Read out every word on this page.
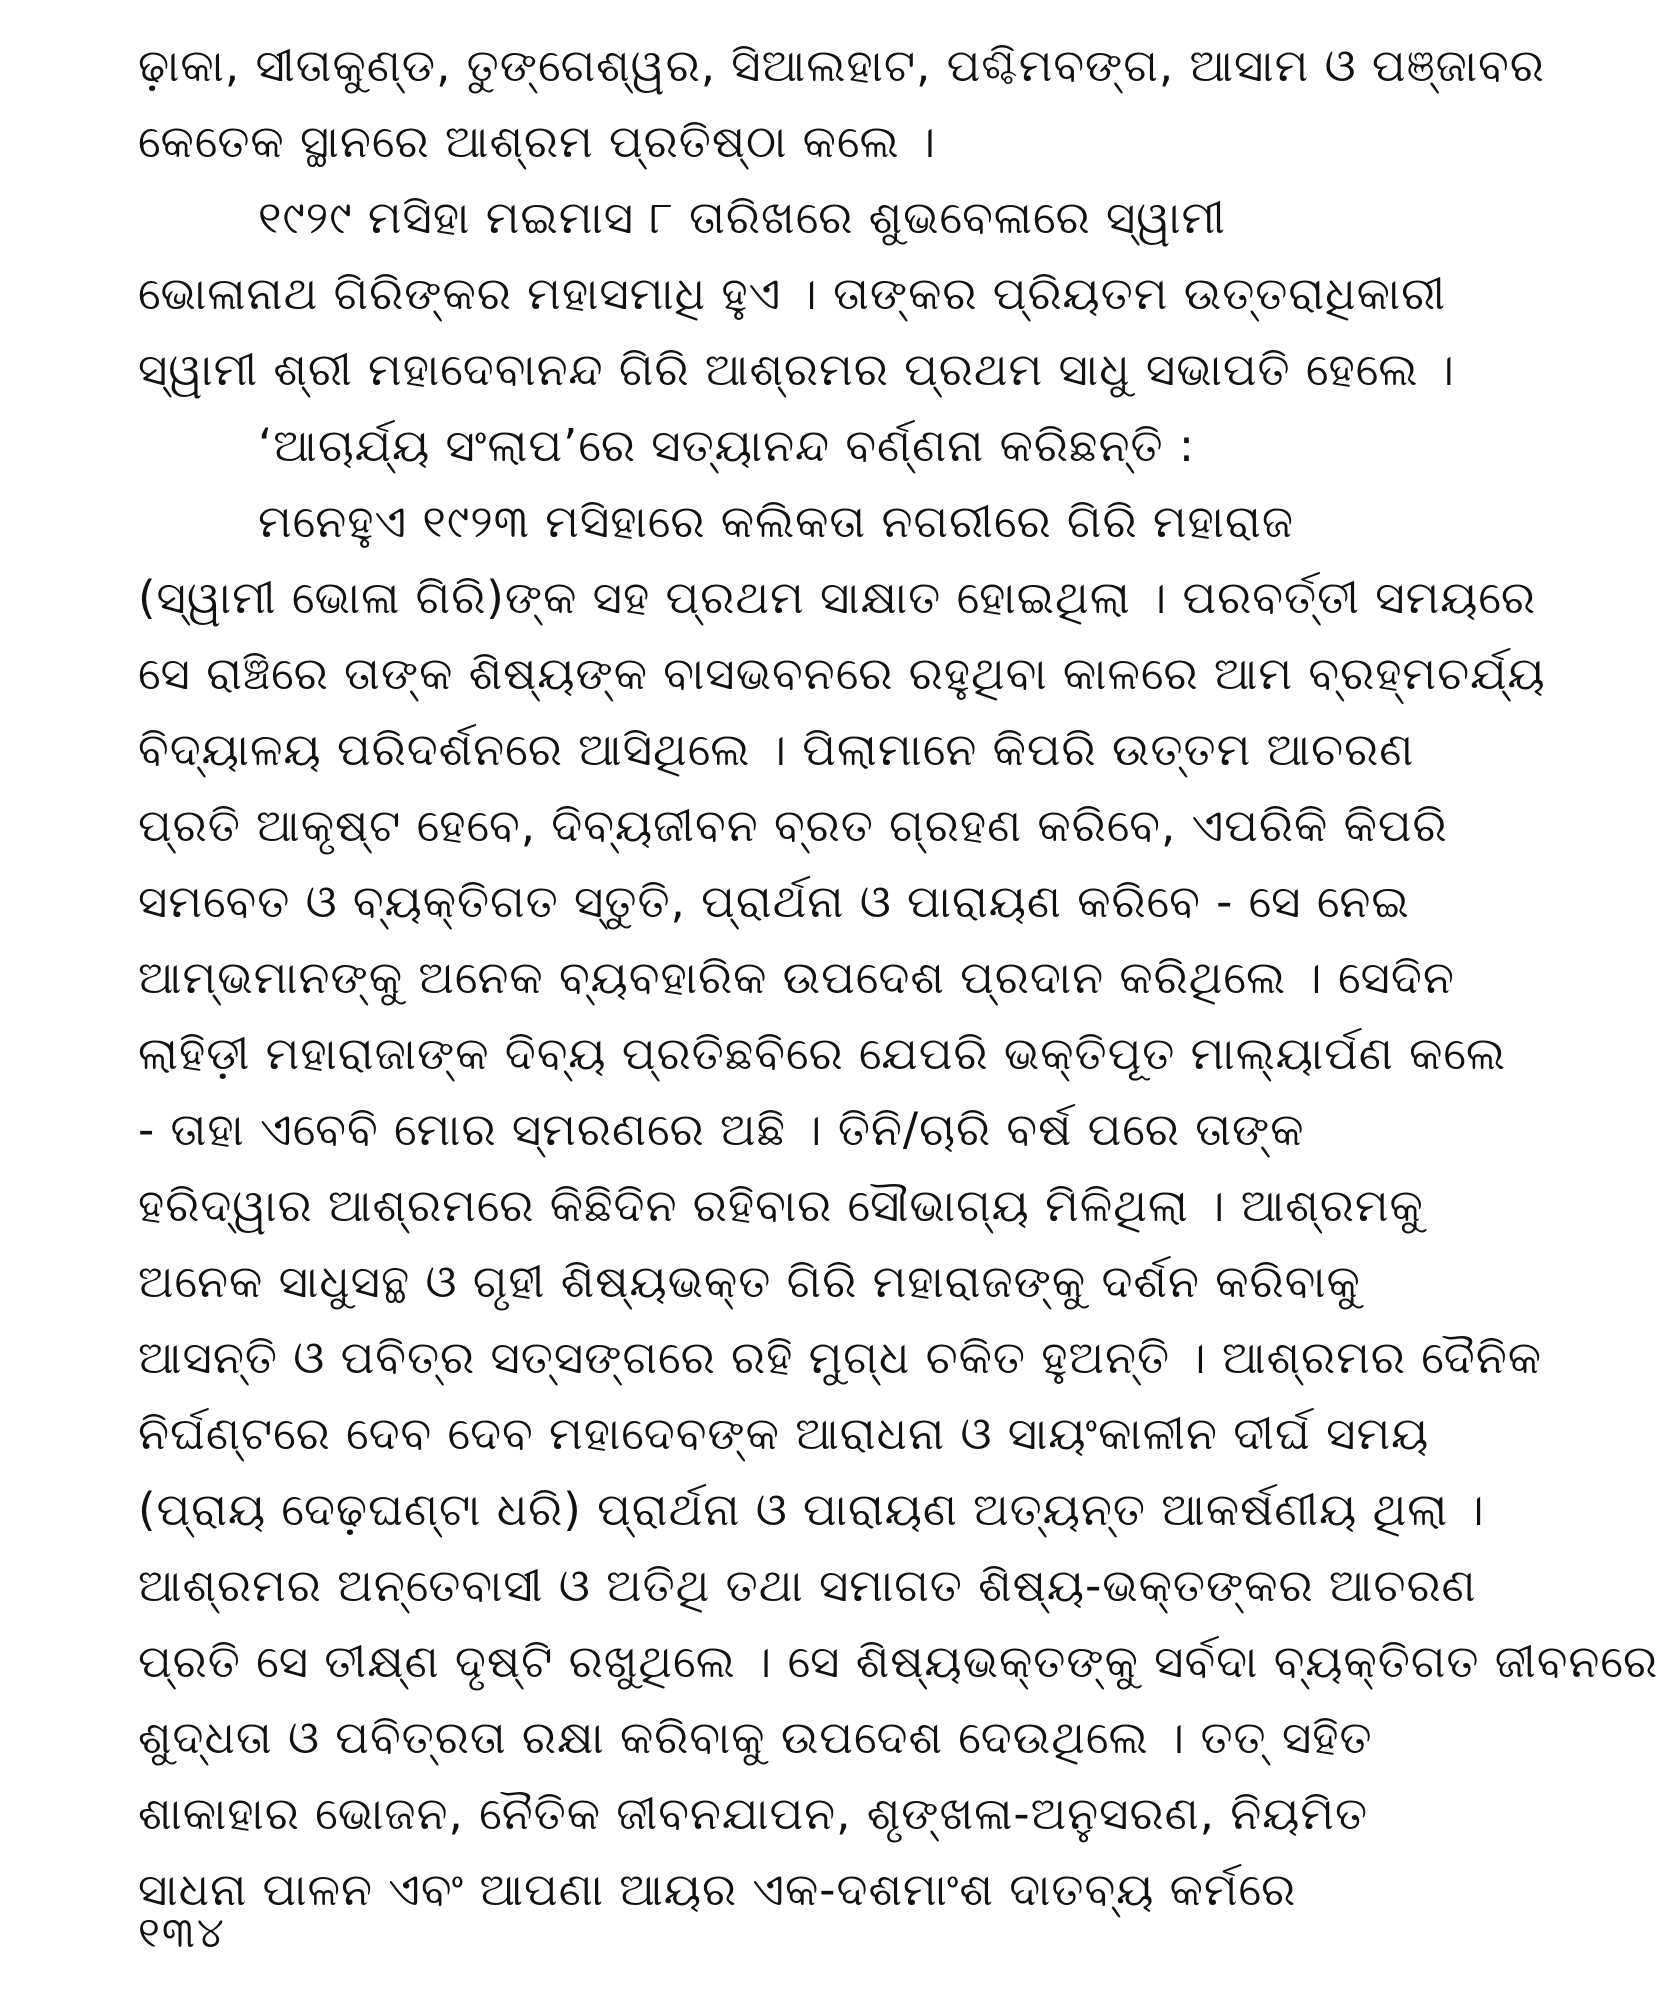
ଢ଼ାକା, ସୀତାକୁଣ୍ଡ, ତୁଙ୍ଗେଶ୍ୱର, ସିଆଲହାଟ, ପଶ୍ଚିମବଙ୍ଗ, ଆସାମ ଓ ପଞ୍ଜାବର
କେତେକ ସ୍ଥାନରେ ଆଶ୍ରମ ପ୍ରତିଷ୍ଠା କଲେ ।
୧୯୨୯ ମସିହା ମଇମାସ ୮ ତାରିଖରେ ଶୁଭବେଳାରେ ସ୍ୱାମୀ
ଭୋଳାନାଥ ଗିରିଙ୍କର ମହାସମାଧି ହୁଏ । ତାଙ୍କର ପ୍ରିୟତମ ଉତ୍ତରାଧିକାରୀ
ସ୍ୱାମୀ ଶ୍ରୀ ମହାଦେବାନନ୍ଦ ଗିରି ଆଶ୍ରମର ପ୍ରଥମ ସାଧୁ ସଭାପତି ହେଲେ ।
‘ଆଚାର୍ଯ୍ୟ ସଂଲାପ’ରେ ସତ୍ୟାନନ୍ଦ ବର୍ଣ୍ଣନା କରିଛନ୍ତି :
ମନେହୁଏ ୧୯୨୩ ମସିହାରେ କଲିକତା ନଗରୀରେ ଗିରି ମହାରାଜ
(ସ୍ୱାମୀ ଭୋଳା ଗିରି)ଙ୍କ ସହ ପ୍ରଥମ ସାକ୍ଷାତ ହୋଇଥିଲା । ପରବର୍ତ୍ତୀ ସମୟରେ
ସେ ରାଞ୍ଚିରେ ତାଙ୍କ ଶିଷ୍ୟଙ୍କ ବାସଭବନରେ ରହୁଥିବା କାଳରେ ଆମ ବ୍ରହ୍ମଚର୍ଯ୍ୟ
ବିଦ୍ୟାଳୟ ପରିଦର୍ଶନରେ ଆସିଥିଲେ । ପିଲାମାନେ କିପରି ଉତ୍ତମ ଆଚରଣ
ପ୍ରତି ଆକୃଷ୍ଟ ହେବେ, ଦିବ୍ୟଜୀବନ ବ୍ରତ ଗ୍ରହଣ କରିବେ, ଏପରିକି କିପରି
ସମବେତ ଓ ବ୍ୟକ୍ତିଗତ ସ୍ତୁତି, ପ୍ରାର୍ଥନା ଓ ପାରାୟଣ କରିବେ - ସେ ନେଇ
ଆମ୍ଭମାନଙ୍କୁ ଅନେକ ବ୍ୟବହାରିକ ଉପଦେଶ ପ୍ରଦାନ କରିଥିଲେ । ସେଦିନ
ଲାହିଡ଼ୀ ମହାରାଜାଙ୍କ ଦିବ୍ୟ ପ୍ରତିଛବିରେ ଯେପରି ଭକ୍ତିପୂତ ମାଲ୍ୟାର୍ପଣ କଲେ
- ତାହା ଏବେବି ମୋର ସ୍ମରଣରେ ଅଛି । ତିନି/ଚାରି ବର୍ଷ ପରେ ତାଙ୍କ
ହରିଦ୍ୱାର ଆଶ୍ରମରେ କିଛିଦିନ ରହିବାର ସୌଭାଗ୍ୟ ମିଳିଥିଲା । ଆଶ୍ରମକୁ
ଅନେକ ସାଧୁସନ୍ଥ ଓ ଗୃହୀ ଶିଷ୍ୟଭକ୍ତ ଗିରି ମହାରାଜଙ୍କୁ ଦର୍ଶନ କରିବାକୁ
ଆସନ୍ତି ଓ ପବିତ୍ର ସତ୍‌ସଙ୍ଗରେ ରହି ମୁଗ୍ଧ ଚକିତ ହୁଅନ୍ତି । ଆଶ୍ରମର ଦୈନିକ
ନିର୍ଘଣ୍ଟରେ ଦେବ ଦେବ ମହାଦେବଙ୍କ ଆରାଧନା ଓ ସାୟଂକାଳୀନ ଦୀର୍ଘ ସମୟ
(ପ୍ରାୟ ଦେଢ଼ଘଣ୍ଟା ଧରି) ପ୍ରାର୍ଥନା ଓ ପାରାୟଣ ଅତ୍ୟନ୍ତ ଆକର୍ଷଣୀୟ ଥିଲା ।
ଆଶ୍ରମର ଅନ୍ତେବାସୀ ଓ ଅତିଥି ତଥା ସମାଗତ ଶିଷ୍ୟ-ଭକ୍ତଙ୍କର ଆଚରଣ
ପ୍ରତି ସେ ତୀକ୍ଷ୍ଣ ଦୃଷ୍ଟି ରଖୁଥିଲେ । ସେ ଶିଷ୍ୟଭକ୍ତଙ୍କୁ ସର୍ବଦା ବ୍ୟକ୍ତିଗତ ଜୀବନରେ
ଶୁଦ୍ଧତା ଓ ପବିତ୍ରତା ରକ୍ଷା କରିବାକୁ ଉପଦେଶ ଦେଉଥିଲେ । ତତ୍ ସହିତ
ଶାକାହାର ଭୋଜନ, ନୈତିକ ଜୀବନଯାପନ, ଶୃଙ୍ଖଳା-ଅନୁସରଣ, ନିୟମିତ
ସାଧନା ପାଳନ ଏବଂ ଆପଣା ଆୟର ଏକ-ଦଶମାଂଶ ଦାତବ୍ୟ କର୍ମରେ
୧୩୪
